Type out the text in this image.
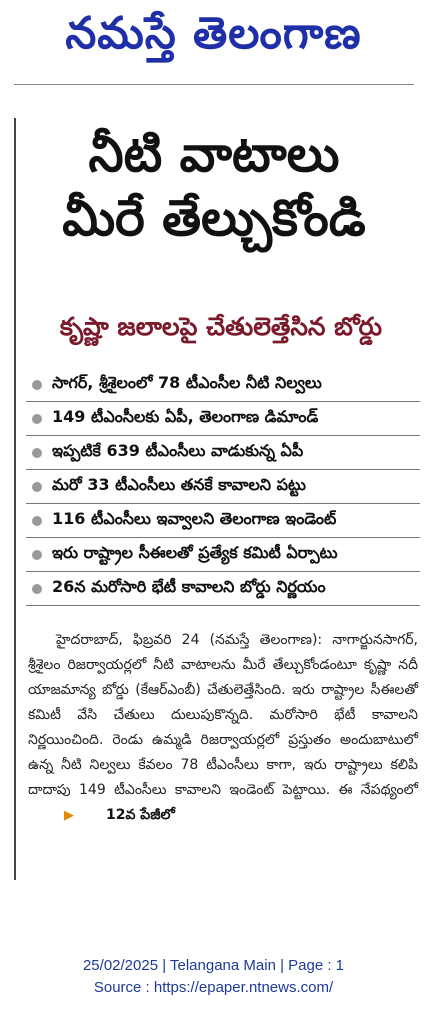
నమస్తే తెలంగాణ
నీటి వాటాలు
మీరే తేల్చుకోండి
కృష్ణా జలాలపై చేతులెత్తేసిన బోర్డు
సాగర్, శ్రీశైలంలో 78 టీఎంసీల నీటి నిల్వలు
149 టీఎంసీలకు ఏపీ, తెలంగాణ డిమాండ్
ఇప్పటికే 639 టీఎంసీలు వాడుకున్న ఏపీ
మరో 33 టీఎంసీలు తనకే కావాలని పట్టు
116 టీఎంసీలు ఇవ్వాలని తెలంగాణ ఇండెంట్
ఇరు రాష్ట్రాల సీఈలతో ప్రత్యేక కమిటీ ఏర్పాటు
26న మరోసారి భేటీ కావాలని బోర్డు నిర్ణయం

హైదరాబాద్, ఫిబ్రవరి 24 (నమస్తే తెలంగాణ): నాగార్జునసాగర్, శ్రీశైలం రిజర్వాయర్లలో నీటి వాటాలను మీరే తేల్చుకోండంటూ కృష్ణా నదీ యాజమాన్య బోర్డు (కేఆర్‌ఎంబీ) చేతులెత్తేసింది. ఇరు రాష్ట్రాల సీఈలతో కమిటీ వేసి చేతులు దులుపుకొన్నది. మరోసారి భేటీ కావాలని నిర్ణయించింది. రెండు ఉమ్మడి రిజర్వాయర్లలో ప్రస్తుతం అందుబాటులో ఉన్న నీటి నిల్వలు కేవలం 78 టీఎంసీలు కాగా, ఇరు రాష్ట్రాలు కలిపి దాదాపు 149 టీఎంసీలు కావాలని ఇండెంట్ పెట్టాయి. ఈ నేపథ్యంలో
▶	12వ పేజీలో

25/02/2025 | Telangana Main | Page : 1
Source : https://epaper.ntnews.com/
